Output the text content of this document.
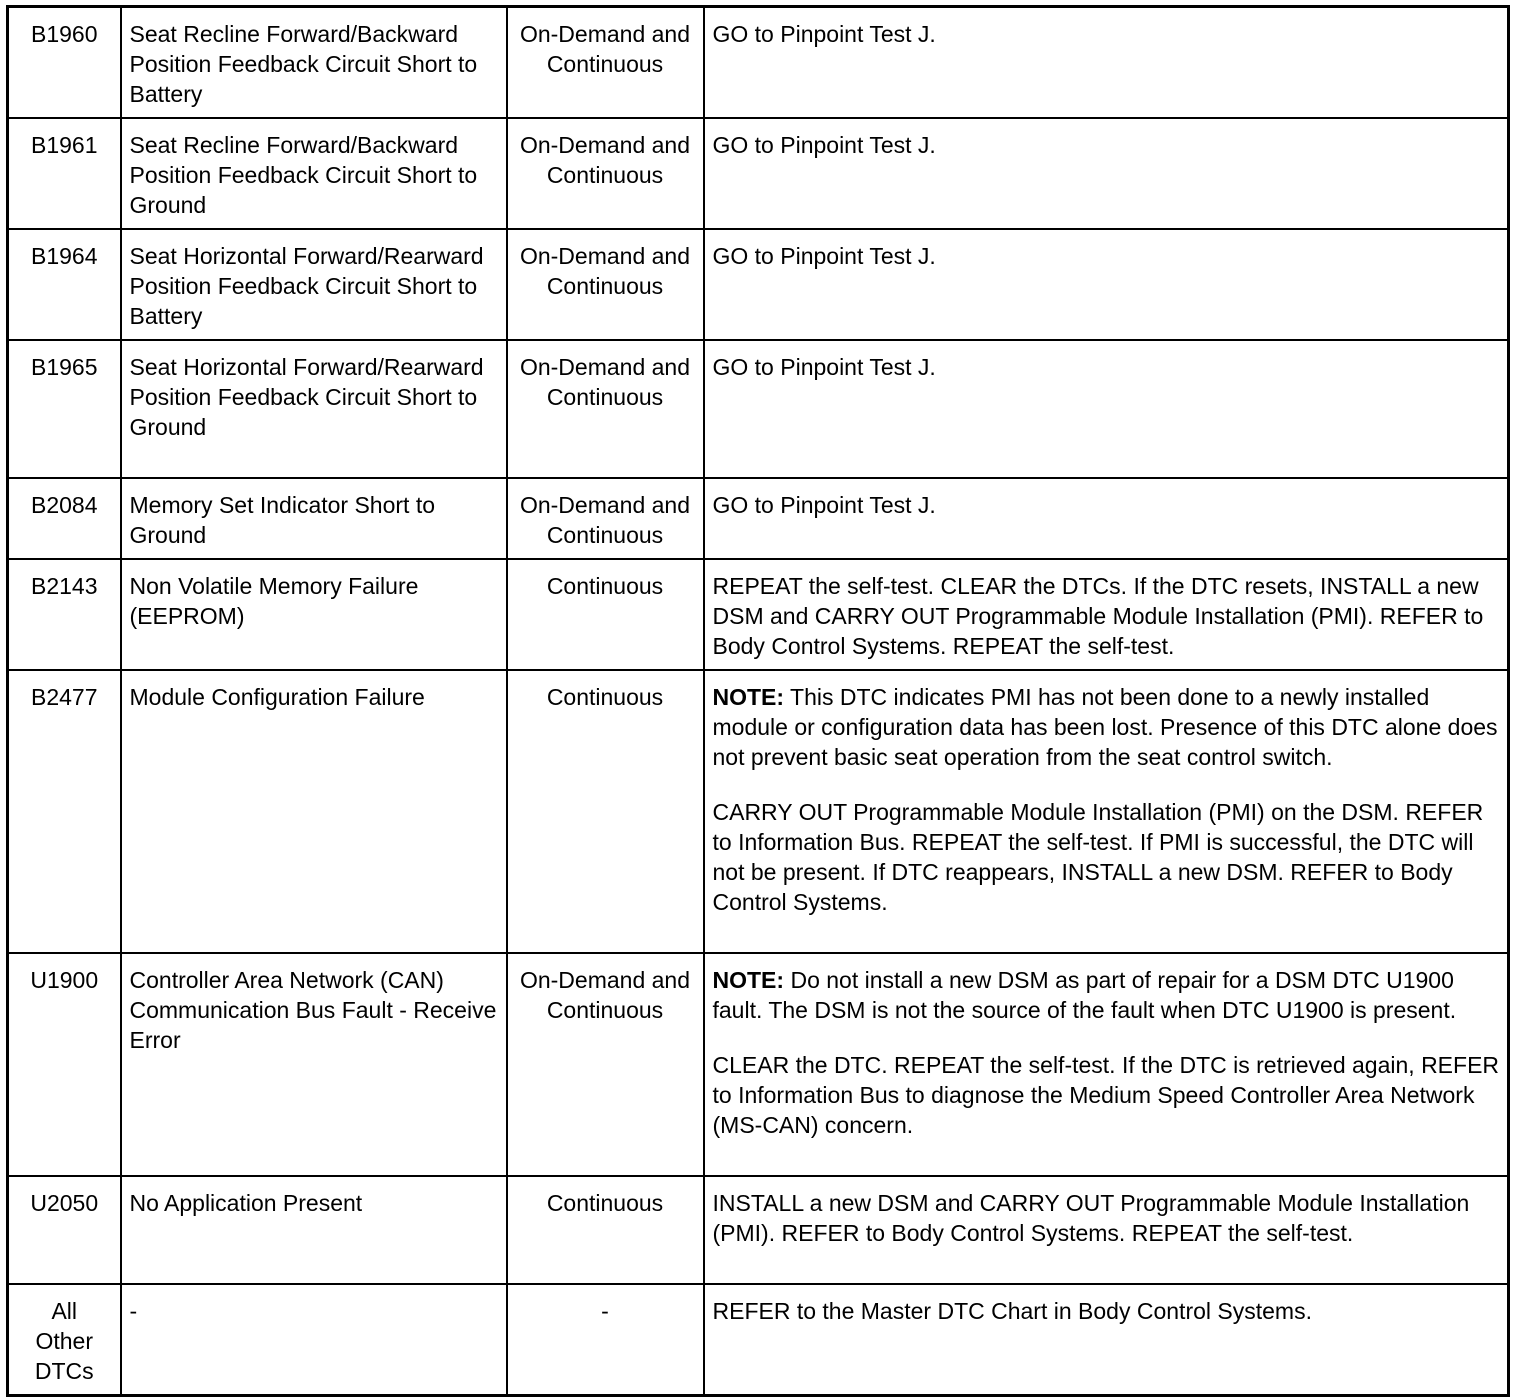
B1960	Seat Recline Forward/Backward Position Feedback Circuit Short to Battery	On-Demand and Continuous	GO to Pinpoint Test J.

B1961	Seat Recline Forward/Backward Position Feedback Circuit Short to Ground	On-Demand and Continuous	GO to Pinpoint Test J.

B1964	Seat Horizontal Forward/Rearward Position Feedback Circuit Short to Battery	On-Demand and Continuous	GO to Pinpoint Test J.

B1965	Seat Horizontal Forward/Rearward Position Feedback Circuit Short to Ground	On-Demand and Continuous	GO to Pinpoint Test J.

B2084	Memory Set Indicator Short to Ground	On-Demand and Continuous	GO to Pinpoint Test J.

B2143	Non Volatile Memory Failure (EEPROM)	Continuous	REPEAT the self-test. CLEAR the DTCs. If the DTC resets, INSTALL a new DSM and CARRY OUT Programmable Module Installation (PMI). REFER to Body Control Systems. REPEAT the self-test.

B2477	Module Configuration Failure	Continuous	NOTE: This DTC indicates PMI has not been done to a newly installed module or configuration data has been lost. Presence of this DTC alone does not prevent basic seat operation from the seat control switch.

CARRY OUT Programmable Module Installation (PMI) on the DSM. REFER to Information Bus. REPEAT the self-test. If PMI is successful, the DTC will not be present. If DTC reappears, INSTALL a new DSM. REFER to Body Control Systems.

U1900	Controller Area Network (CAN) Communication Bus Fault - Receive Error	On-Demand and Continuous	NOTE: Do not install a new DSM as part of repair for a DSM DTC U1900 fault. The DSM is not the source of the fault when DTC U1900 is present.

CLEAR the DTC. REPEAT the self-test. If the DTC is retrieved again, REFER to Information Bus to diagnose the Medium Speed Controller Area Network (MS-CAN) concern.

U2050	No Application Present	Continuous	INSTALL a new DSM and CARRY OUT Programmable Module Installation (PMI). REFER to Body Control Systems. REPEAT the self-test.

All Other DTCs	-	-	REFER to the Master DTC Chart in Body Control Systems.
